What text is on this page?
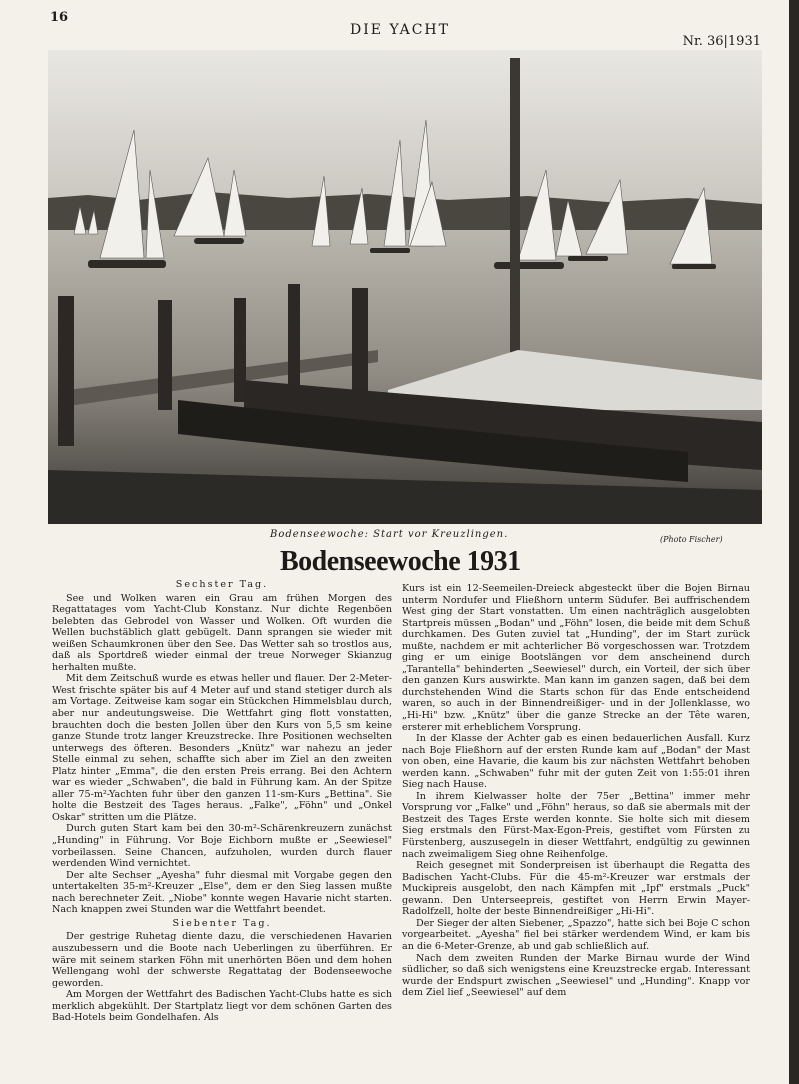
16
DIE YACHT
Nr. 36|1931
Bodenseewoche: Start vor Kreuzlingen.	(Photo Fischer)
Bodenseewoche 1931

Sechster Tag.

See und Wolken waren ein Grau am frühen Morgen des Regattatages vom Yacht-Club Konstanz. Nur dichte Regenböen belebten das Gebrodel von Wasser und Wolken. Oft wurden die Wellen buchstäblich glatt gebügelt. Dann sprangen sie wieder mit weißen Schaumkronen über den See. Das Wetter sah so trostlos aus, daß als Sportdreß wieder einmal der treue Norweger Skianzug herhalten mußte.

Mit dem Zeitschuß wurde es etwas heller und flauer. Der 2-Meter-West frischte später bis auf 4 Meter auf und stand stetiger durch als am Vortage. Zeitweise kam sogar ein Stückchen Himmelsblau durch, aber nur andeutungsweise. Die Wettfahrt ging flott vonstatten, brauchten doch die besten Jollen über den Kurs von 5,5 sm keine ganze Stunde trotz langer Kreuzstrecke. Ihre Positionen wechselten unterwegs des öfteren. Besonders „Knütz" war nahezu an jeder Stelle einmal zu sehen, schaffte sich aber im Ziel an den zweiten Platz hinter „Emma", die den ersten Preis errang. Bei den Achtern war es wieder „Schwaben", die bald in Führung kam. An der Spitze aller 75-m²-Yachten fuhr über den ganzen 11-sm-Kurs „Bettina". Sie holte die Bestzeit des Tages heraus. „Falke", „Föhn" und „Onkel Oskar" stritten um die Plätze.

Durch guten Start kam bei den 30-m²-Schärenkreuzern zunächst „Hunding" in Führung. Vor Boje Eichborn mußte er „Seewiesel" vorbeilassen. Seine Chancen, aufzuholen, wurden durch flauer werdenden Wind vernichtet.

Der alte Sechser „Ayesha" fuhr diesmal mit Vorgabe gegen den untertakelten 35-m²-Kreuzer „Else", dem er den Sieg lassen mußte nach berechneter Zeit. „Niobe" konnte wegen Havarie nicht starten. Nach knappen zwei Stunden war die Wettfahrt beendet.

Siebenter Tag.

Der gestrige Ruhetag diente dazu, die verschiedenen Havarien auszubessern und die Boote nach Ueberlingen zu überführen. Er wäre mit seinem starken Föhn mit unerhörten Böen und dem hohen Wellengang wohl der schwerste Regattatag der Bodenseewoche geworden.

Am Morgen der Wettfahrt des Badischen Yacht-Clubs hatte es sich merklich abgekühlt. Der Startplatz liegt vor dem schönen Garten des Bad-Hotels beim Gondelhafen. Als

Kurs ist ein 12-Seemeilen-Dreieck abgesteckt über die Bojen Birnau unterm Nordufer und Fließhorn unterm Südufer. Bei auffrischendem West ging der Start vonstatten. Um einen nachträglich ausgelobten Startpreis müssen „Bodan" und „Föhn" losen, die beide mit dem Schuß durchkamen. Des Guten zuviel tat „Hunding", der im Start zurück mußte, nachdem er mit achterlicher Bö vorgeschossen war. Trotzdem ging er um einige Bootslängen vor dem anscheinend durch „Tarantella" behinderten „Seewiesel" durch, ein Vorteil, der sich über den ganzen Kurs auswirkte. Man kann im ganzen sagen, daß bei dem durchstehenden Wind die Starts schon für das Ende entscheidend waren, so auch in der Binnendreißiger- und in der Jollenklasse, wo „Hi-Hi" bzw. „Knütz" über die ganze Strecke an der Tête waren, ersterer mit erheblichem Vorsprung.

In der Klasse der Achter gab es einen bedauerlichen Ausfall. Kurz nach Boje Fließhorn auf der ersten Runde kam auf „Bodan" der Mast von oben, eine Havarie, die kaum bis zur nächsten Wettfahrt behoben werden kann. „Schwaben" fuhr mit der guten Zeit von 1:55:01 ihren Sieg nach Hause.

In ihrem Kielwasser holte der 75er „Bettina" immer mehr Vorsprung vor „Falke" und „Föhn" heraus, so daß sie abermals mit der Bestzeit des Tages Erste werden konnte. Sie holte sich mit diesem Sieg erstmals den Fürst-Max-Egon-Preis, gestiftet vom Fürsten zu Fürstenberg, auszusegeln in dieser Wettfahrt, endgültig zu gewinnen nach zweimaligem Sieg ohne Reihenfolge.

Reich gesegnet mit Sonderpreisen ist überhaupt die Regatta des Badischen Yacht-Clubs. Für die 45-m²-Kreuzer war erstmals der Muckipreis ausgelobt, den nach Kämpfen mit „Ipf" erstmals „Puck" gewann. Den Unterseepreis, gestiftet von Herrn Erwin Mayer-Radolfzell, holte der beste Binnendreißiger „Hi-Hi".

Der Sieger der alten Siebener, „Spazzo", hatte sich bei Boje C schon vorgearbeitet. „Ayesha" fiel bei stärker werdendem Wind, er kam bis an die 6-Meter-Grenze, ab und gab schließlich auf.

Nach dem zweiten Runden der Marke Birnau wurde der Wind südlicher, so daß sich wenigstens eine Kreuzstrecke ergab. Interessant wurde der Endspurt zwischen „Seewiesel" und „Hunding". Knapp vor dem Ziel lief „Seewiesel" auf dem
